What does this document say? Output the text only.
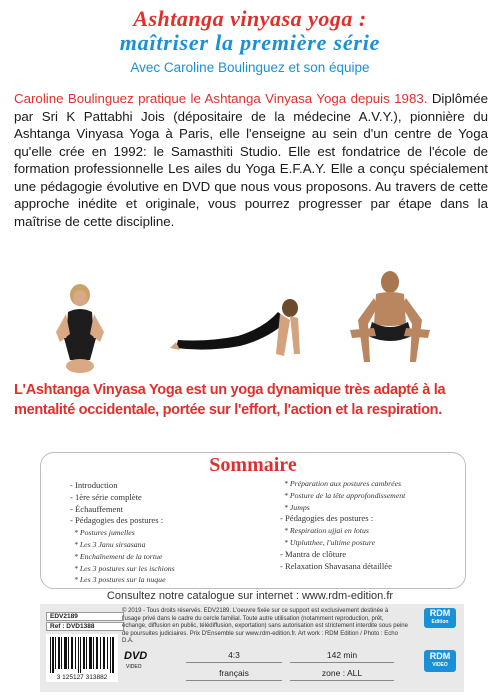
Ashtanga vinyasa yoga :
maîtriser la première série
Avec Caroline Boulinguez et son équipe
Caroline Boulinguez pratique le Ashtanga Vinyasa Yoga depuis 1983. Diplômée par Sri K Pattabhi Jois (dépositaire de la médecine A.V.Y.), pionnière du Ashtanga Vinyasa Yoga à Paris, elle l'enseigne au sein d'un centre de Yoga qu'elle crée en 1992: le Samasthiti Studio. Elle est fondatrice de l'école de formation professionnelle Les ailes du Yoga E.F.A.Y. Elle a conçu spécialement une pédagogie évolutive en DVD que nous vous proposons. Au travers de cette approche inédite et originale, vous pourrez progresser par étape dans la maîtrise de cette discipline.
L'Ashtanga Vinyasa Yoga est un yoga dynamique très adapté à la mentalité occidentale, portée sur l'effort, l'action et la respiration.
Sommaire
- Introduction
- 1ère série complète
- Échauffement
- Pédagogies des postures :
* Postures jumelles
* Les 3 Janu sirsasana
* Enchaînement de la tortue
* Les 3 postures sur les ischions
* Les 3 postures sur la nuque
* Préparation aux postures cambrées
* Posture de la tête approfondissement
* Jumps
- Pédagogies des postures :
* Respiration ujjai en lotus
* Utplutthee, l'ultime posture
- Mantra de clôture
- Relaxation Shavasana détaillée
Consultez notre catalogue sur internet : www.rdm-edition.fr
EDV2189
Ref : DVD1388
3 125127 313882
© 2019 - Tous droits réservés. EDV2189. L'oeuvre fixée sur ce support est exclusivement destinée à l'usage privé dans le cadre du cercle familial. Toute autre utilisation (notamment reproduction, prêt, échange, diffusion en public, télédiffusion, exportation) sans autorisation est strictement interdite sous peine de poursuites judiciaires. Prix D'Ensemble sur www.rdm-edition.fr. Art work : RDM Edition / Photo : Echo D.A.
DVD
VIDEO
4:3	142 min
français	zone : ALL
RDM
Edition
RDM
VIDEO
